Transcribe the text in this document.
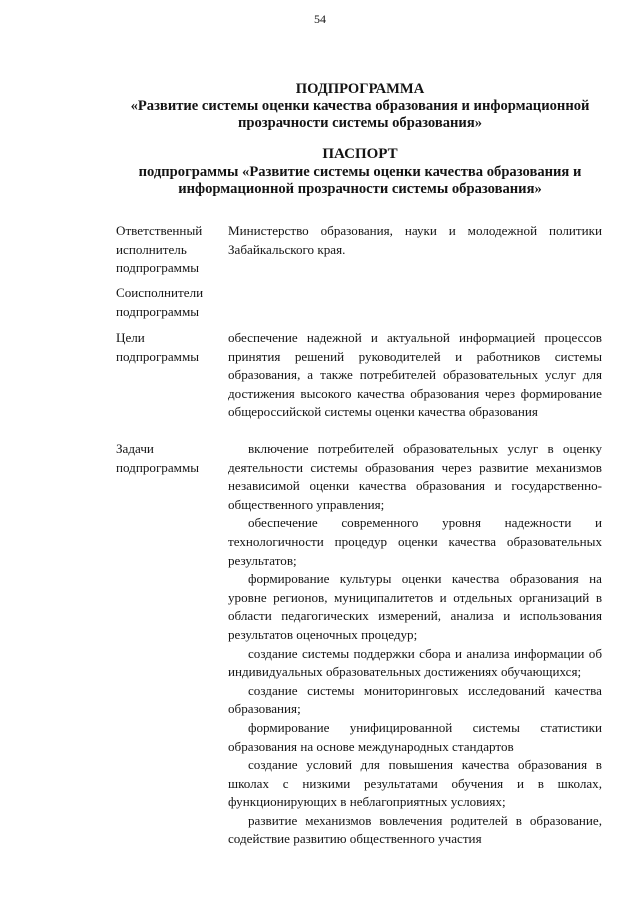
54
ПОДПРОГРАММА
«Развитие системы оценки качества образования и информационной прозрачности системы образования»
ПАСПОРТ
подпрограммы «Развитие системы оценки качества образования и информационной прозрачности системы образования»
Ответственный исполнитель подпрограммы
Министерство образования, науки и молодежной политики Забайкальского края.
Соисполнители подпрограммы
Цели подпрограммы
обеспечение надежной и актуальной информацией процессов принятия решений руководителей и работников системы образования, а также потребителей образовательных услуг для достижения высокого качества образования через формирование общероссийской системы оценки качества образования
Задачи подпрограммы

включение потребителей образовательных услуг в оценку деятельности системы образования через развитие механизмов независимой оценки качества образования и государственно-общественного управления;

обеспечение современного уровня надежности и технологичности процедур оценки качества образовательных результатов;

формирование культуры оценки качества образования на уровне регионов, муниципалитетов и отдельных организаций в области педагогических измерений, анализа и использования результатов оценочных процедур;

создание системы поддержки сбора и анализа информации об индивидуальных образовательных достижениях обучающихся;

создание системы мониторинговых исследований качества образования;

формирование унифицированной системы статистики образования на основе международных стандартов

создание условий для повышения качества образования в школах с низкими результатами обучения и в школах, функционирующих в неблагоприятных условиях;

развитие механизмов вовлечения родителей в образование, содействие развитию общественного участия
